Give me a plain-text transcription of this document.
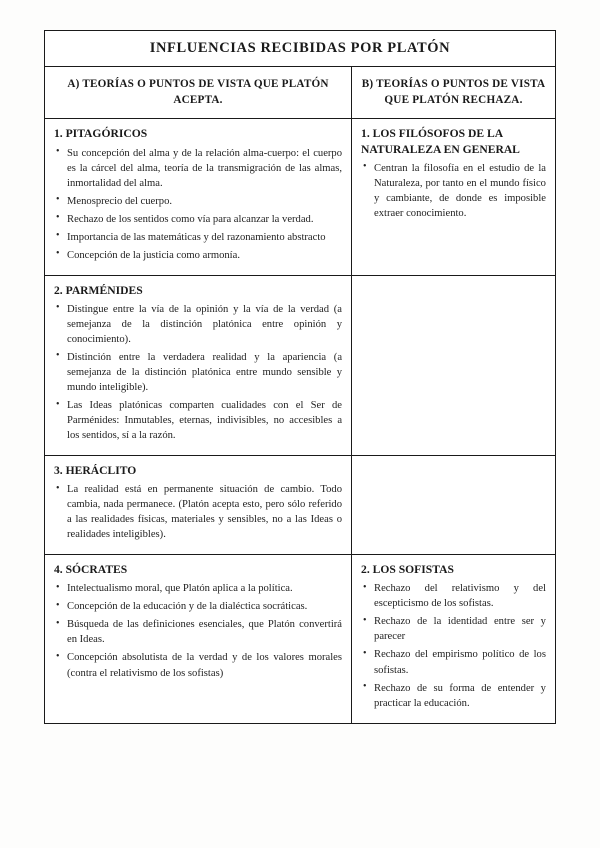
INFLUENCIAS RECIBIDAS POR PLATÓN
A) TEORÍAS O PUNTOS DE VISTA QUE PLATÓN ACEPTA.
B) TEORÍAS O PUNTOS DE VISTA QUE PLATÓN RECHAZA.
1. PITAGÓRICOS
• Su concepción del alma y de la relación alma-cuerpo: el cuerpo es la cárcel del alma, teoría de la transmigración de las almas, inmortalidad del alma.
• Menosprecio del cuerpo.
• Rechazo de los sentidos como vía para alcanzar la verdad.
• Importancia de las matemáticas y del razonamiento abstracto
• Concepción de la justicia como armonía.
1. LOS FILÓSOFOS DE LA NATURALEZA EN GENERAL
• Centran la filosofía en el estudio de la Naturaleza, por tanto en el mundo físico y cambiante, de donde es imposible extraer conocimiento.
2. PARMÉNIDES
• Distingue entre la vía de la opinión y la vía de la verdad (a semejanza de la distinción platónica entre opinión y conocimiento).
• Distinción entre la verdadera realidad y la apariencia (a semejanza de la distinción platónica entre mundo sensible y mundo inteligible).
• Las Ideas platónicas comparten cualidades con el Ser de Parménides: Inmutables, eternas, indivisibles, no accesibles a los sentidos, sí a la razón.
3. HERÁCLITO
• La realidad está en permanente situación de cambio. Todo cambia, nada permanece. (Platón acepta esto, pero sólo referido a las realidades físicas, materiales y sensibles, no a las Ideas o realidades inteligibles).
4. SÓCRATES
• Intelectualismo moral, que Platón aplica a la política.
• Concepción de la educación y de la dialéctica socráticas.
• Búsqueda de las definiciones esenciales, que Platón convertirá en Ideas.
• Concepción absolutista de la verdad y de los valores morales (contra el relativismo de los sofistas)
2. LOS SOFISTAS
• Rechazo del relativismo y del escepticismo de los sofistas.
• Rechazo de la identidad entre ser y parecer
• Rechazo del empirismo político de los sofistas.
• Rechazo de su forma de entender y practicar la educación.
